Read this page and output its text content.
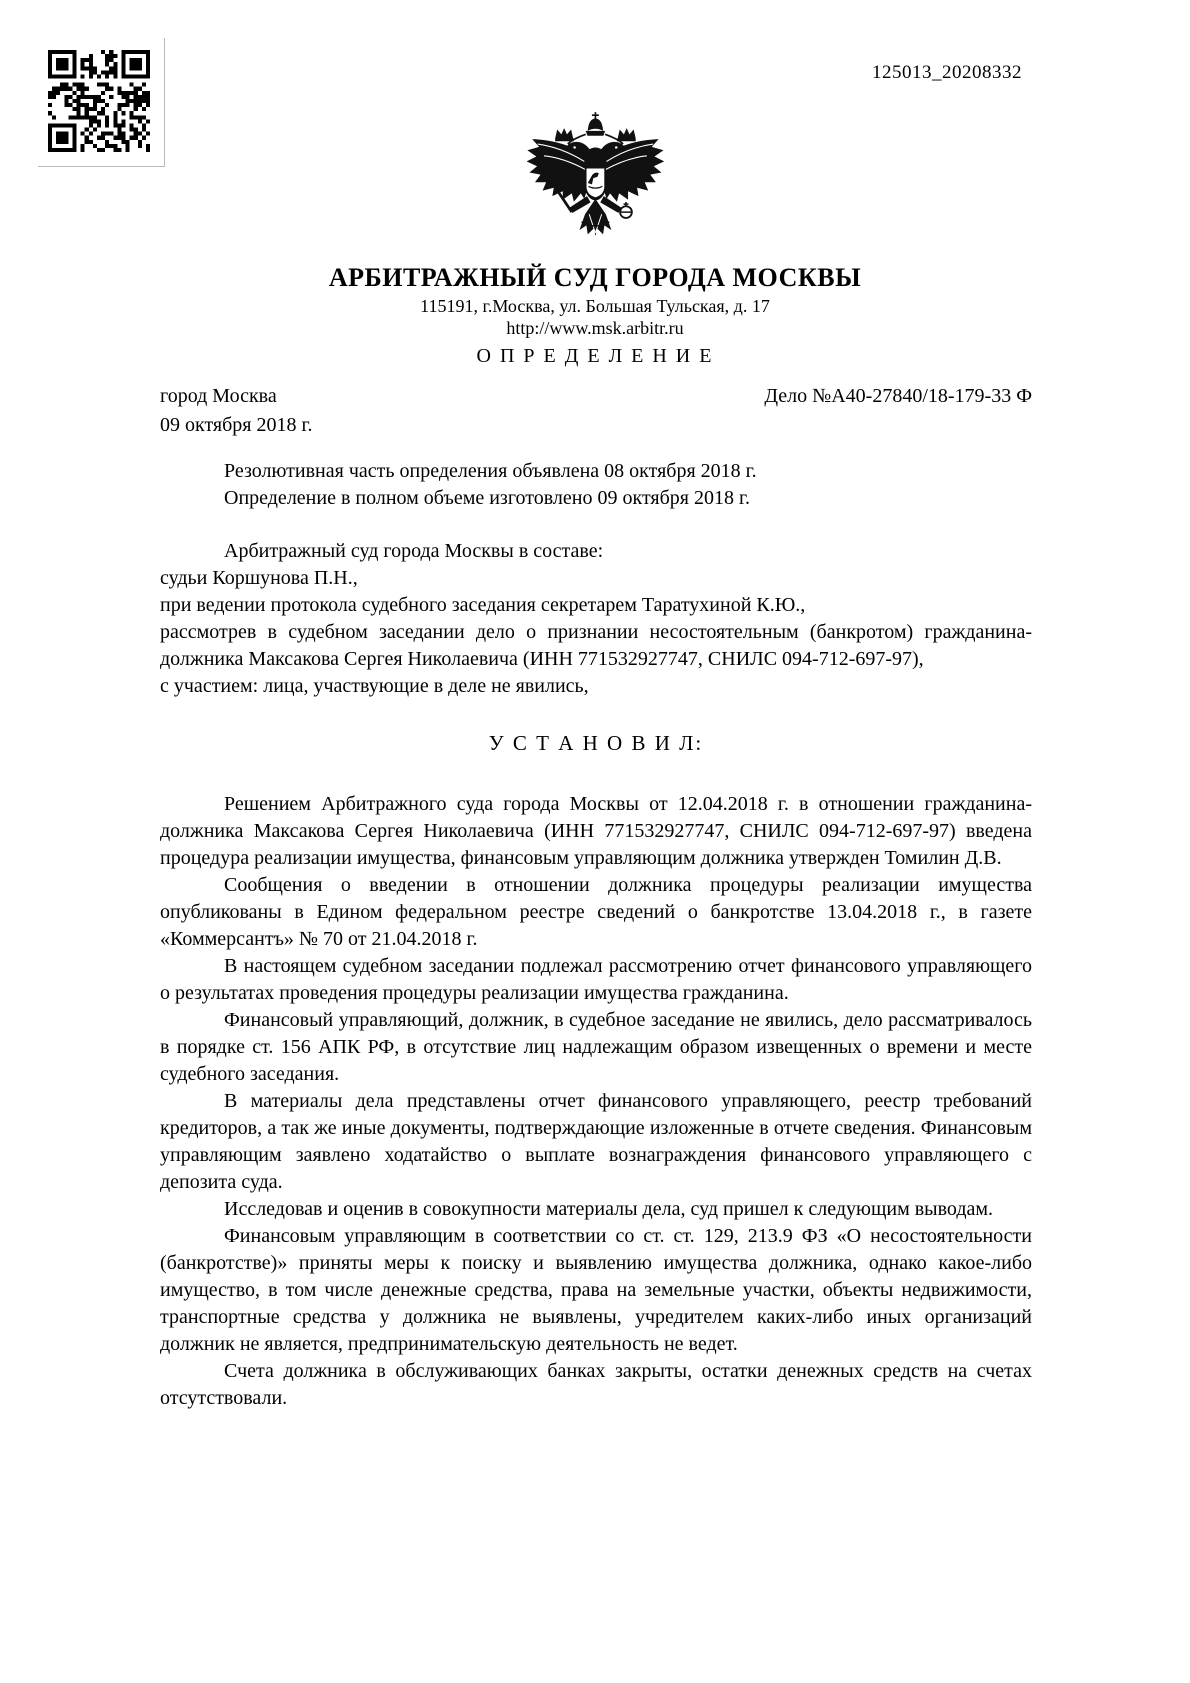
125013_20208332
АРБИТРАЖНЫЙ СУД ГОРОДА МОСКВЫ
115191, г.Москва, ул. Большая Тульская, д. 17
http://www.msk.arbitr.ru
О П Р Е Д Е Л Е Н И Е
город Москва	Дело №А40-27840/18-179-33 Ф
09 октября 2018 г.
Резолютивная часть определения объявлена 08 октября 2018 г.
Определение в полном объеме изготовлено 09 октября 2018 г.
Арбитражный суд города Москвы в составе:
судьи Коршунова П.Н.,
при ведении протокола судебного заседания секретарем Таратухиной К.Ю.,
рассмотрев в судебном заседании дело о признании несостоятельным (банкротом) гражданина-должника Максакова Сергея Николаевича (ИНН 771532927747, СНИЛС 094-712-697-97),
с участием: лица, участвующие в деле не явились,
У С Т А Н О В И Л:

Решением Арбитражного суда города Москвы от 12.04.2018 г. в отношении гражданина-должника Максакова Сергея Николаевича (ИНН 771532927747, СНИЛС 094-712-697-97) введена процедура реализации имущества, финансовым управляющим должника утвержден Томилин Д.В.

Сообщения о введении в отношении должника процедуры реализации имущества опубликованы в Едином федеральном реестре сведений о банкротстве 13.04.2018 г., в газете «Коммерсантъ» № 70 от 21.04.2018 г.

В настоящем судебном заседании подлежал рассмотрению отчет финансового управляющего о результатах проведения процедуры реализации имущества гражданина.

Финансовый управляющий, должник, в судебное заседание не явились, дело рассматривалось в порядке ст. 156 АПК РФ, в отсутствие лиц надлежащим образом извещенных о времени и месте судебного заседания.

В материалы дела представлены отчет финансового управляющего, реестр требований кредиторов, а так же иные документы, подтверждающие изложенные в отчете сведения. Финансовым управляющим заявлено ходатайство о выплате вознаграждения финансового управляющего с депозита суда.

Исследовав и оценив в совокупности материалы дела, суд пришел к следующим выводам.

Финансовым управляющим в соответствии со ст. ст. 129, 213.9 ФЗ «О несостоятельности (банкротстве)» приняты меры к поиску и выявлению имущества должника, однако какое-либо имущество, в том числе денежные средства, права на земельные участки, объекты недвижимости, транспортные средства у должника не выявлены, учредителем каких-либо иных организаций должник не является, предпринимательскую деятельность не ведет.

Счета должника в обслуживающих банках закрыты, остатки денежных средств на счетах отсутствовали.
